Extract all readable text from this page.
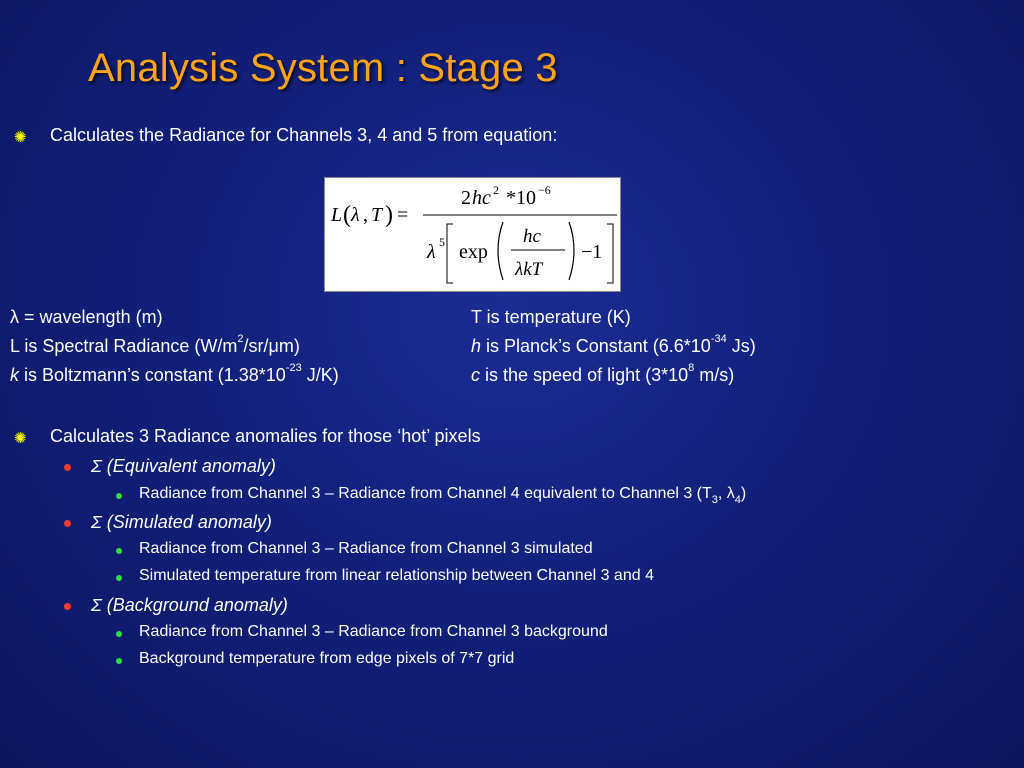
Analysis System : Stage 3
✺ Calculates the Radiance for Channels 3, 4 and 5 from equation:
L ( λ , T ) =
2 hc 2 *10 −6
λ 5 exp
hc
λkT
−1
λ = wavelength (m)
L is Spectral Radiance $(W/m^2/sr/\mu m)$
k is Boltzmann’s constant ($1.38*10^{-23}$ J/K)
T is temperature (K)
h is Planck’s Constant ($6.6*10^{-34}$ Js)
c is the speed of light ($3*10^8$ m/s)
✺ Calculates 3 Radiance anomalies for those ‘hot’ pixels
Σ (Equivalent anomaly)
Radiance from Channel 3 – Radiance from Channel 4 equivalent to Channel 3 ($T_3$, $\lambda_4$)
Σ (Simulated anomaly)
Radiance from Channel 3 – Radiance from Channel 3 simulated
Simulated temperature from linear relationship between Channel 3 and 4
Σ (Background anomaly)
Radiance from Channel 3 – Radiance from Channel 3 background
Background temperature from edge pixels of 7*7 grid
